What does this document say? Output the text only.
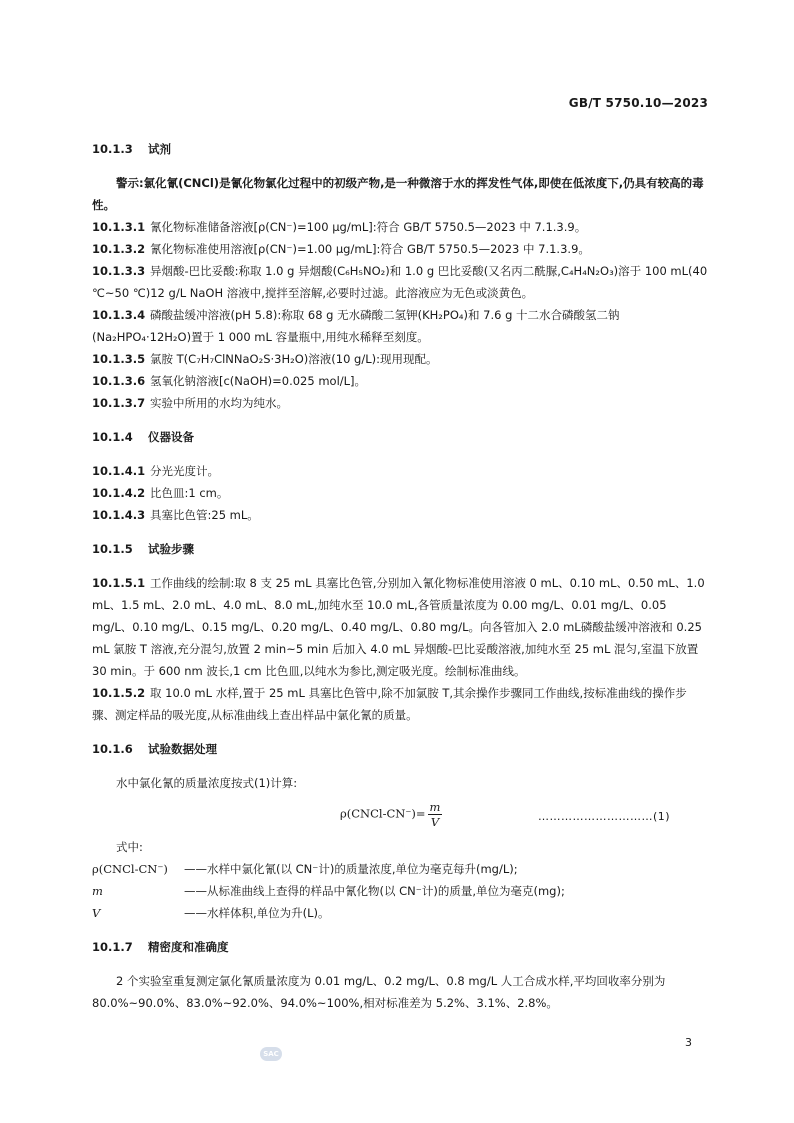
GB/T 5750.10—2023

10.1.3 试剂

警示:氯化氰(CNCl)是氰化物氯化过程中的初级产物,是一种微溶于水的挥发性气体,即使在低浓度下,仍具有较高的毒性。

10.1.3.1 氰化物标准储备溶液[ρ(CN⁻)=100 μg/mL]:符合 GB/T 5750.5—2023 中 7.1.3.9。

10.1.3.2 氰化物标准使用溶液[ρ(CN⁻)=1.00 μg/mL]:符合 GB/T 5750.5—2023 中 7.1.3.9。

10.1.3.3 异烟酸-巴比妥酸:称取 1.0 g 异烟酸(C₆H₅NO₂)和 1.0 g 巴比妥酸(又名丙二酰脲,C₄H₄N₂O₃)溶于 100 mL(40 ℃~50 ℃)12 g/L NaOH 溶液中,搅拌至溶解,必要时过滤。此溶液应为无色或淡黄色。

10.1.3.4 磷酸盐缓冲溶液(pH 5.8):称取 68 g 无水磷酸二氢钾(KH₂PO₄)和 7.6 g 十二水合磷酸氢二钠(Na₂HPO₄·12H₂O)置于 1 000 mL 容量瓶中,用纯水稀释至刻度。

10.1.3.5 氯胺 T(C₇H₇ClNNaO₂S·3H₂O)溶液(10 g/L):现用现配。

10.1.3.6 氢氧化钠溶液[c(NaOH)=0.025 mol/L]。

10.1.3.7 实验中所用的水均为纯水。

10.1.4 仪器设备

10.1.4.1 分光光度计。

10.1.4.2 比色皿:1 cm。

10.1.4.3 具塞比色管:25 mL。

10.1.5 试验步骤

10.1.5.1 工作曲线的绘制:取 8 支 25 mL 具塞比色管,分别加入氰化物标准使用溶液 0 mL、0.10 mL、0.50 mL、1.0 mL、1.5 mL、2.0 mL、4.0 mL、8.0 mL,加纯水至 10.0 mL,各管质量浓度为 0.00 mg/L、0.01 mg/L、0.05 mg/L、0.10 mg/L、0.15 mg/L、0.20 mg/L、0.40 mg/L、0.80 mg/L。向各管加入 2.0 mL磷酸盐缓冲溶液和 0.25 mL 氯胺 T 溶液,充分混匀,放置 2 min~5 min 后加入 4.0 mL 异烟酸-巴比妥酸溶液,加纯水至 25 mL 混匀,室温下放置 30 min。于 600 nm 波长,1 cm 比色皿,以纯水为参比,测定吸光度。绘制标准曲线。

10.1.5.2 取 10.0 mL 水样,置于 25 mL 具塞比色管中,除不加氯胺 T,其余操作步骤同工作曲线,按标准曲线的操作步骤、测定样品的吸光度,从标准曲线上查出样品中氯化氰的质量。

10.1.6 试验数据处理

水中氯化氰的质量浓度按式(1)计算:

ρ(CNCl-CN⁻)= $\frac{m}{V}$	…………………………(1)

式中:

ρ(CNCl-CN⁻)	——水样中氯化氰(以 CN⁻计)的质量浓度,单位为毫克每升(mg/L);
m	——从标准曲线上查得的样品中氰化物(以 CN⁻计)的质量,单位为毫克(mg);
V	——水样体积,单位为升(L)。

10.1.7 精密度和准确度

2 个实验室重复测定氯化氰质量浓度为 0.01 mg/L、0.2 mg/L、0.8 mg/L 人工合成水样,平均回收率分别为 80.0%~90.0%、83.0%~92.0%、94.0%~100%,相对标准差为 5.2%、3.1%、2.8%。

3
SAC
